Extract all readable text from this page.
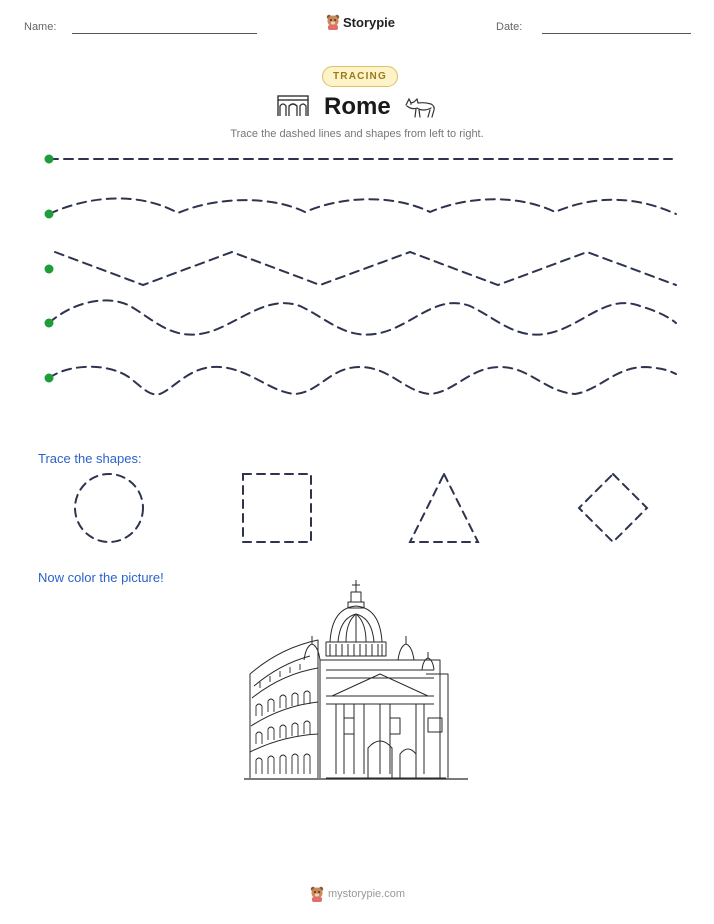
Name:	Storypie	Date:
TRACING
Rome
Trace the dashed lines and shapes from left to right.
Trace the shapes:
Now color the picture!
mystorypie.com
